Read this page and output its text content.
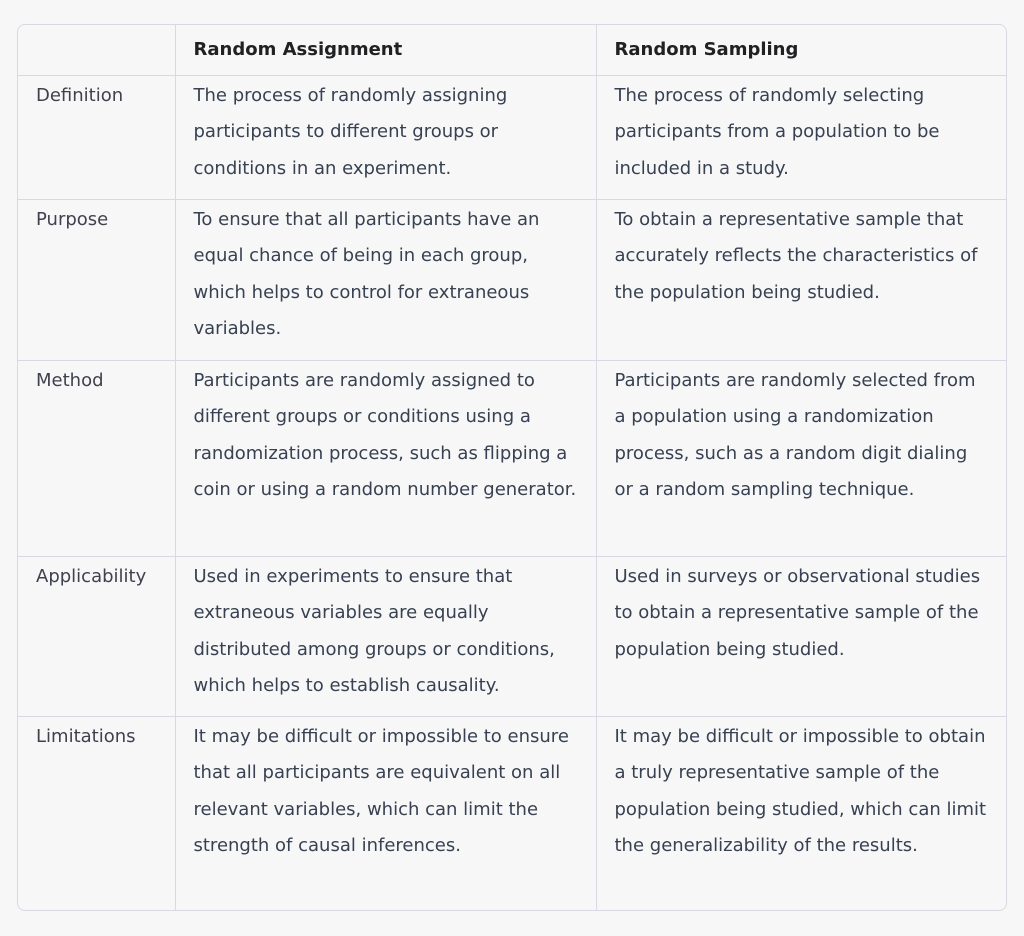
	Random Assignment	Random Sampling
Definition	The process of randomly assigning participants to different groups or conditions in an experiment.	The process of randomly selecting participants from a population to be included in a study.
Purpose	To ensure that all participants have an equal chance of being in each group, which helps to control for extraneous variables.	To obtain a representative sample that accurately reflects the characteristics of the population being studied.
Method	Participants are randomly assigned to different groups or conditions using a randomization process, such as flipping a coin or using a random number generator.	Participants are randomly selected from a population using a randomization process, such as a random digit dialing or a random sampling technique.
Applicability	Used in experiments to ensure that extraneous variables are equally distributed among groups or conditions, which helps to establish causality.	Used in surveys or observational studies to obtain a representative sample of the population being studied.
Limitations	It may be difficult or impossible to ensure that all participants are equivalent on all relevant variables, which can limit the strength of causal inferences.	It may be difficult or impossible to obtain a truly representative sample of the population being studied, which can limit the generalizability of the results.
